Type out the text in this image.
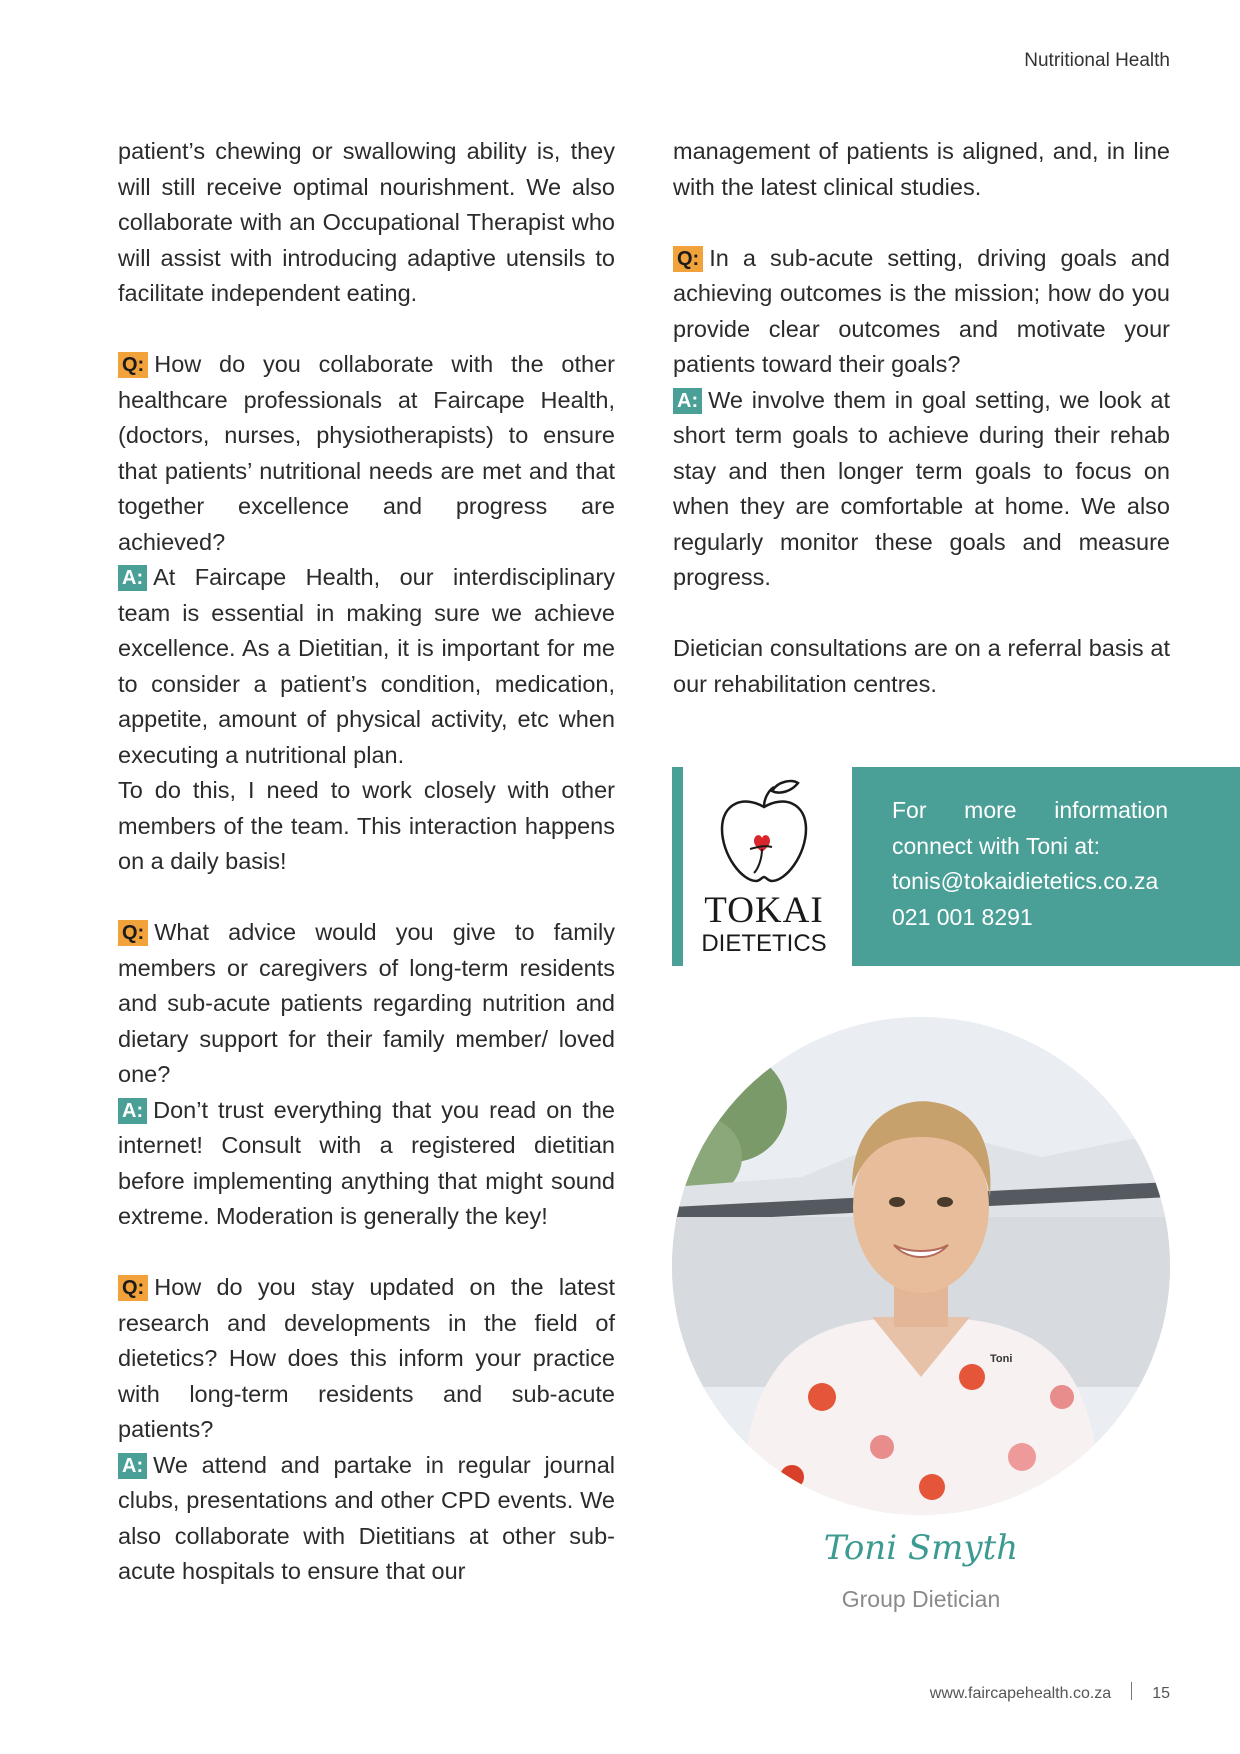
Nutritional Health

patient’s chewing or swallowing ability is, they will still receive optimal nourishment. We also collaborate with an Occupational Therapist who will assist with introducing adaptive utensils to facilitate independent eating.

Q: How do you collaborate with the other healthcare professionals at Faircape Health, (doctors, nurses, physiotherapists) to ensure that patients’ nutritional needs are met and that together excellence and progress are achieved?

A: At Faircape Health, our interdisciplinary team is essential in making sure we achieve excellence. As a Dietitian, it is important for me to consider a patient’s condition, medication, appetite, amount of physical activity, etc when executing a nutritional plan.

To do this, I need to work closely with other members of the team. This interaction happens on a daily basis!

Q: What advice would you give to family members or caregivers of long-term residents and sub-acute patients regarding nutrition and dietary support for their family member/ loved one?

A: Don’t trust everything that you read on the internet! Consult with a registered dietitian before implementing anything that might sound extreme. Moderation is generally the key!

Q: How do you stay updated on the latest research and developments in the field of dietetics? How does this inform your practice with long-term residents and sub-acute patients?

A: We attend and partake in regular journal clubs, presentations and other CPD events. We also collaborate with Dietitians at other sub-acute hospitals to ensure that our

management of patients is aligned, and, in line with the latest clinical studies.

Q: In a sub-acute setting, driving goals and achieving outcomes is the mission; how do you provide clear outcomes and motivate your patients toward their goals?

A: We involve them in goal setting, we look at short term goals to achieve during their rehab stay and then longer term goals to focus on when they are comfortable at home. We also regularly monitor these goals and measure progress.

Dietician consultations are on a referral basis at our rehabilitation centres.

TOKAI
DIETETICS
For more information
connect with Toni at:
tonis@tokaidietetics.co.za
021 001 8291
Toni
Toni Smyth
Group Dietician
www.faircapehealth.co.za	15
